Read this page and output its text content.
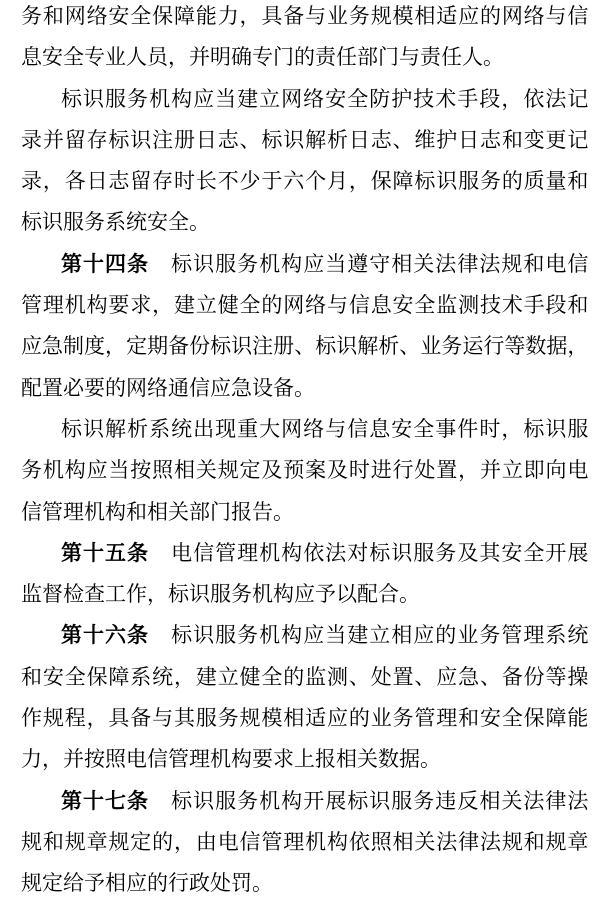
务和网络安全保障能力，具备与业务规模相适应的网络与信
息安全专业人员，并明确专门的责任部门与责任人。
标识服务机构应当建立网络安全防护技术手段，依法记
录并留存标识注册日志、标识解析日志、维护日志和变更记
录，各日志留存时长不少于六个月，保障标识服务的质量和
标识服务系统安全。
第十四条　标识服务机构应当遵守相关法律法规和电信
管理机构要求，建立健全的网络与信息安全监测技术手段和
应急制度，定期备份标识注册、标识解析、业务运行等数据，
配置必要的网络通信应急设备。
标识解析系统出现重大网络与信息安全事件时，标识服
务机构应当按照相关规定及预案及时进行处置，并立即向电
信管理机构和相关部门报告。
第十五条　电信管理机构依法对标识服务及其安全开展
监督检查工作，标识服务机构应予以配合。
第十六条　标识服务机构应当建立相应的业务管理系统
和安全保障系统，建立健全的监测、处置、应急、备份等操
作规程，具备与其服务规模相适应的业务管理和安全保障能
力，并按照电信管理机构要求上报相关数据。
第十七条　标识服务机构开展标识服务违反相关法律法
规和规章规定的，由电信管理机构依照相关法律法规和规章
规定给予相应的行政处罚。
